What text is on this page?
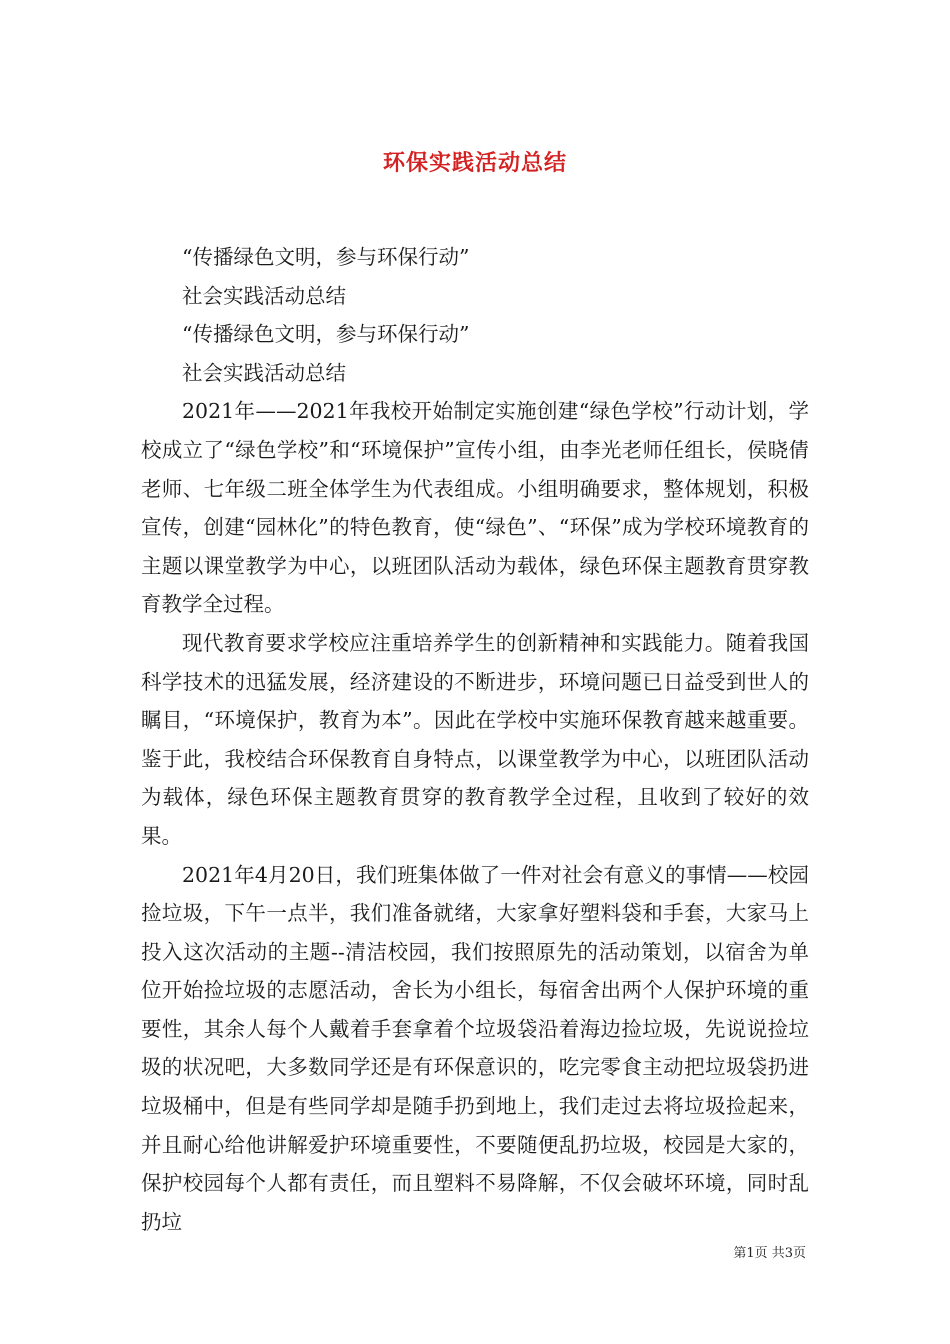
环保实践活动总结

“传播绿色文明，参与环保行动”

社会实践活动总结

“传播绿色文明，参与环保行动”

社会实践活动总结

2021年——2021年我校开始制定实施创建“绿色学校”行动计划，学校成立了“绿色学校”和“环境保护”宣传小组，由李光老师任组长，侯晓倩老师、七年级二班全体学生为代表组成。小组明确要求，整体规划，积极宣传，创建“园林化”的特色教育，使“绿色”、“环保”成为学校环境教育的主题以课堂教学为中心，以班团队活动为载体，绿色环保主题教育贯穿教育教学全过程。

现代教育要求学校应注重培养学生的创新精神和实践能力。随着我国科学技术的迅猛发展，经济建设的不断进步，环境问题已日益受到世人的瞩目，“环境保护，教育为本”。因此在学校中实施环保教育越来越重要。鉴于此，我校结合环保教育自身特点，以课堂教学为中心，以班团队活动为载体，绿色环保主题教育贯穿的教育教学全过程，且收到了较好的效果。

2021年4月20日，我们班集体做了一件对社会有意义的事情——校园捡垃圾，下午一点半，我们准备就绪，大家拿好塑料袋和手套，大家马上投入这次活动的主题--清洁校园，我们按照原先的活动策划，以宿舍为单位开始捡垃圾的志愿活动，舍长为小组长，每宿舍出两个人保护环境的重要性，其余人每个人戴着手套拿着个垃圾袋沿着海边捡垃圾，先说说捡垃圾的状况吧，大多数同学还是有环保意识的，吃完零食主动把垃圾袋扔进垃圾桶中，但是有些同学却是随手扔到地上，我们走过去将垃圾捡起来，并且耐心给他讲解爱护环境重要性，不要随便乱扔垃圾，校园是大家的，保护校园每个人都有责任，而且塑料不易降解，不仅会破坏环境，同时乱扔垃

第1页 共3页
